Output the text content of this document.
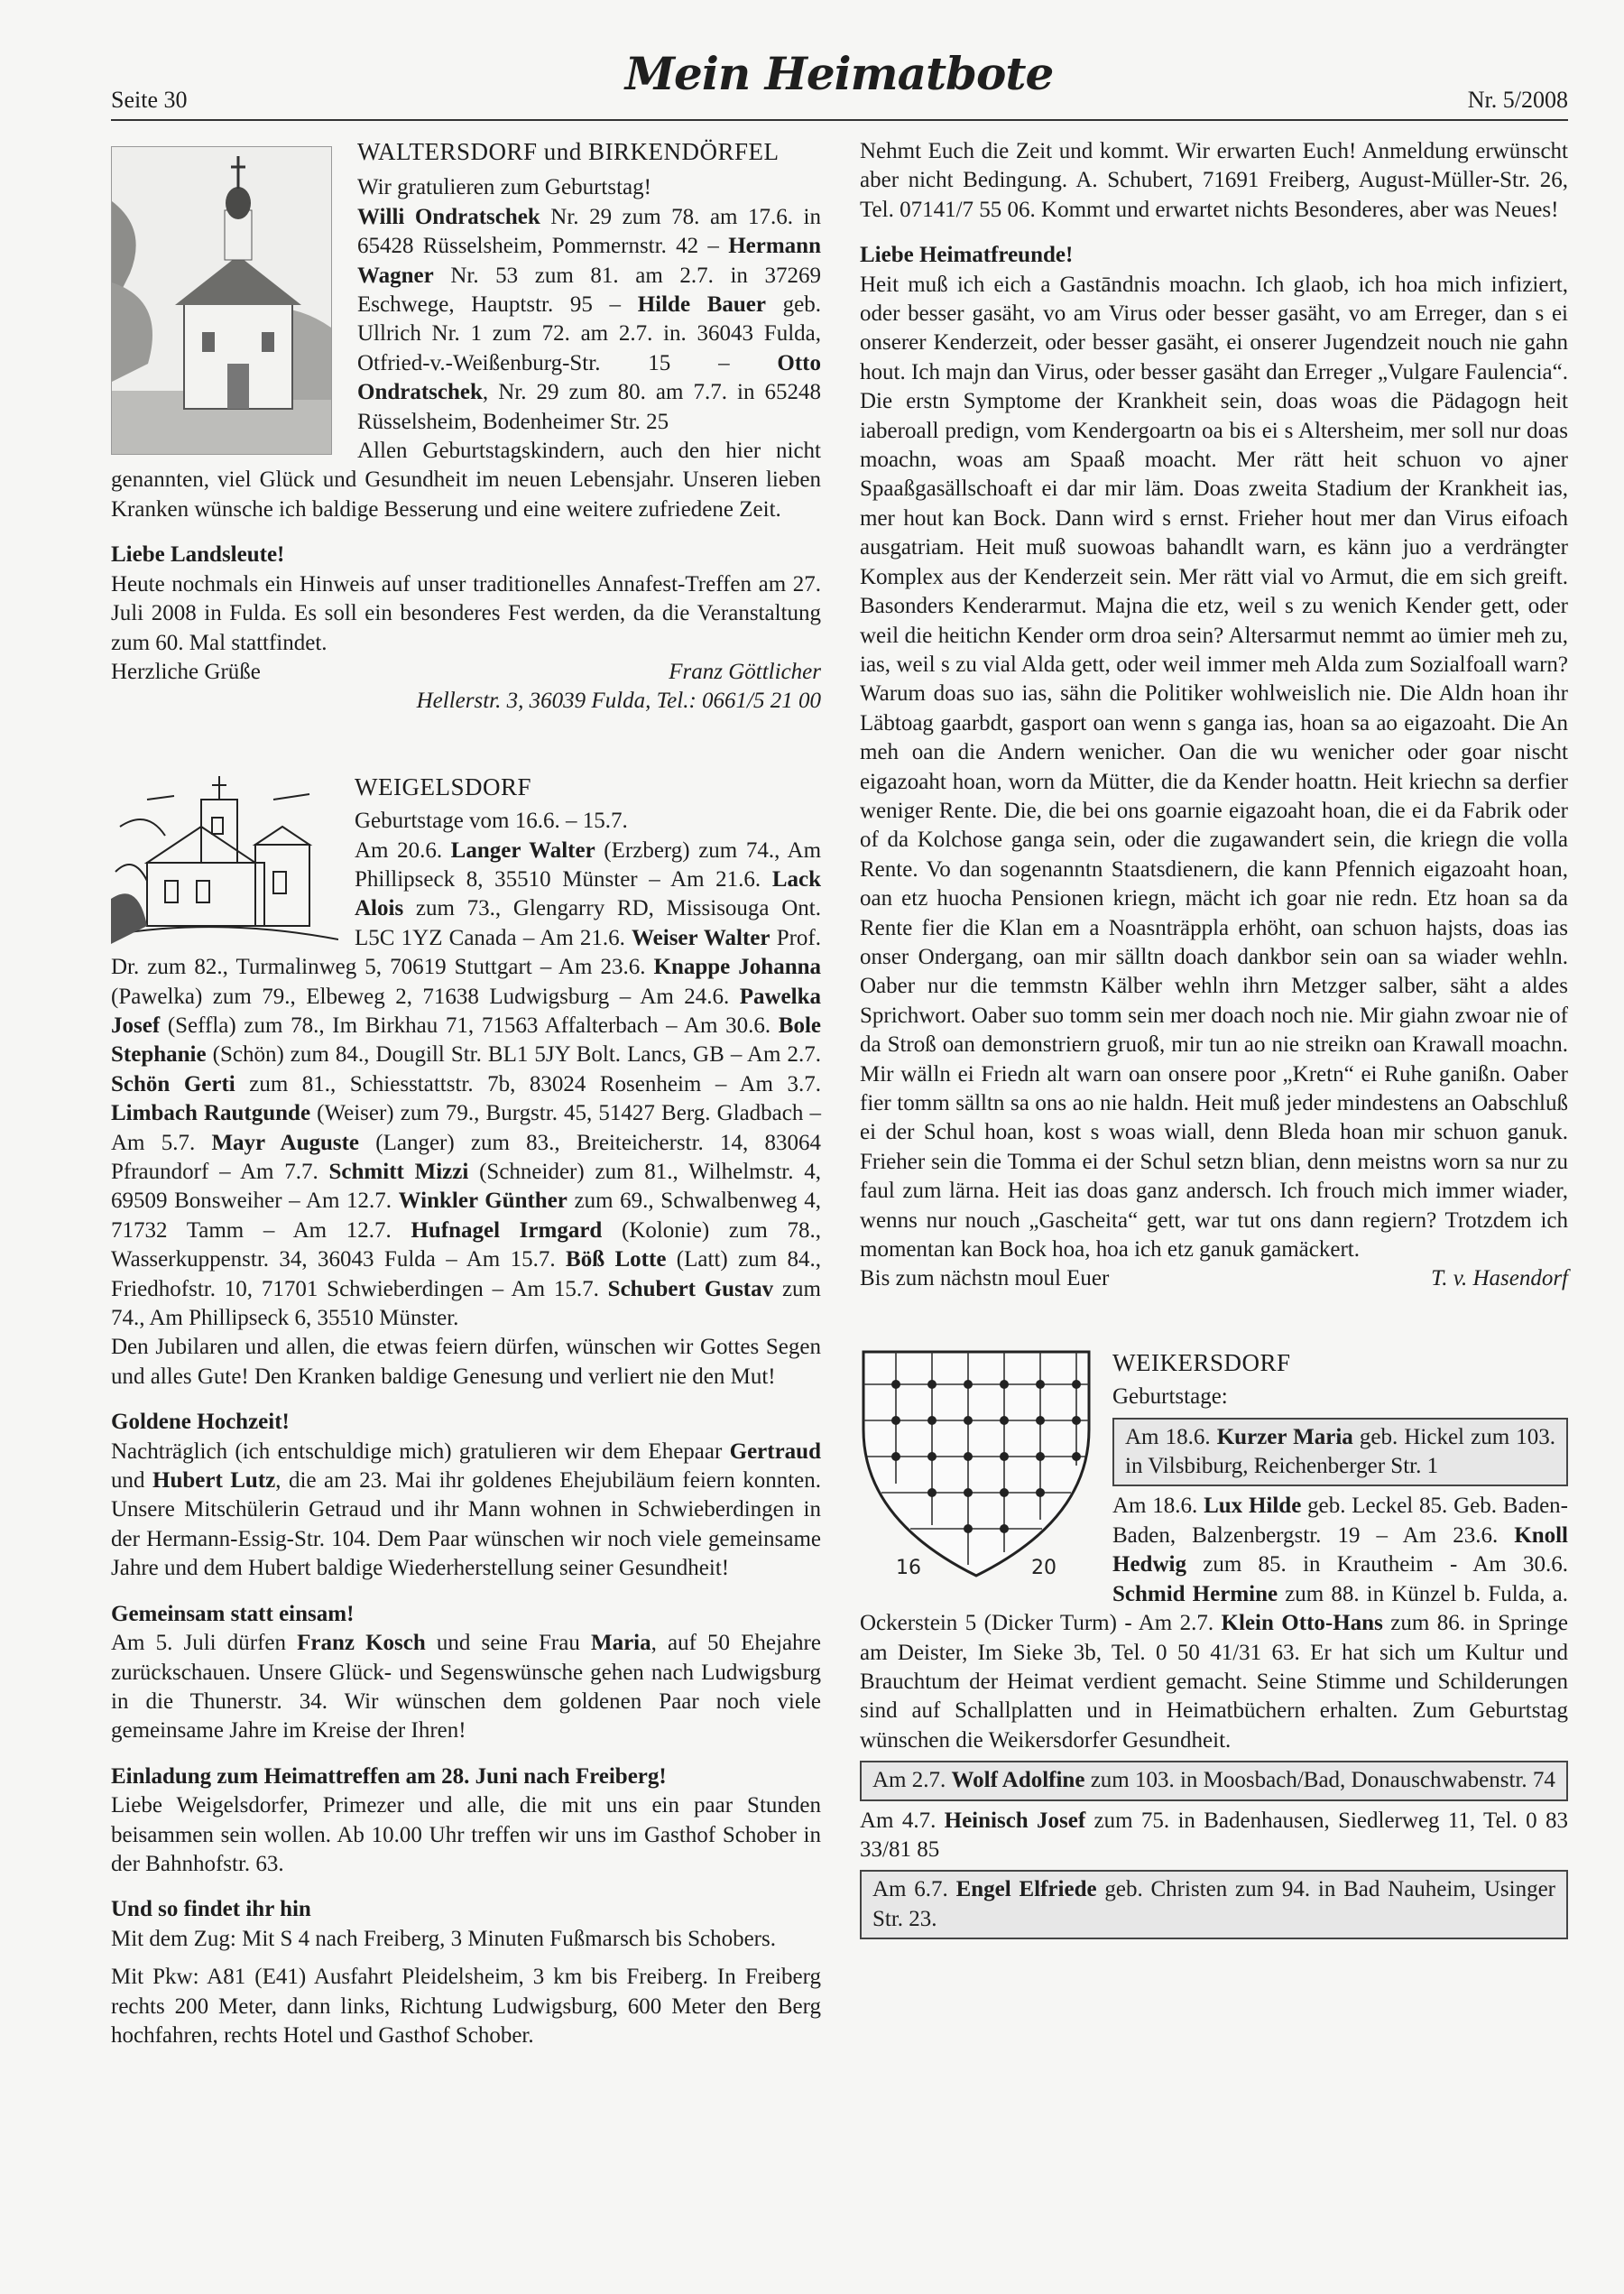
Seite 30	Mein Heimatbote	Nr. 5/2008
WALTERSDORF und BIRKENDÖRFEL

Wir gratulieren zum Geburtstag!

Willi Ondratschek Nr. 29 zum 78. am 17.6. in 65428 Rüsselsheim, Pommernstr. 42 – Hermann Wagner Nr. 53 zum 81. am 2.7. in 37269 Eschwege, Hauptstr. 95 – Hilde Bauer geb. Ullrich Nr. 1 zum 72. am 2.7. in. 36043 Fulda, Otfried-v.-Weißenburg-Str. 15 – Otto Ondratschek, Nr. 29 zum 80. am 7.7. in 65248 Rüsselsheim, Bodenheimer Str. 25

Allen Geburtstagskindern, auch den hier nicht genannten, viel Glück und Gesundheit im neuen Lebensjahr. Unseren lieben Kranken wünsche ich baldige Besserung und eine weitere zufriedene Zeit.

Liebe Landsleute!

Heute nochmals ein Hinweis auf unser traditionelles Annafest-Treffen am 27. Juli 2008 in Fulda. Es soll ein besonderes Fest werden, da die Veranstaltung zum 60. Mal stattfindet.

Herzliche Grüße	Franz Göttlicher

Hellerstr. 3, 36039 Fulda, Tel.: 0661/5 21 00

WEIGELSDORF

Geburtstage vom 16.6. – 15.7.

Am 20.6. Langer Walter (Erzberg) zum 74., Am Phillipseck 8, 35510 Münster – Am 21.6. Lack Alois zum 73., Glengarry RD, Missisouga Ont. L5C 1YZ Canada – Am 21.6. Weiser Walter Prof. Dr. zum 82., Turmalinweg 5, 70619 Stuttgart – Am 23.6. Knappe Johanna (Pawelka) zum 79., Elbeweg 2, 71638 Ludwigsburg – Am 24.6. Pawelka Josef (Seffla) zum 78., Im Birkhau 71, 71563 Affalterbach – Am 30.6. Bole Stephanie (Schön) zum 84., Dougill Str. BL1 5JY Bolt. Lancs, GB – Am 2.7. Schön Gerti zum 81., Schiesstattstr. 7b, 83024 Rosenheim – Am 3.7. Limbach Rautgunde (Weiser) zum 79., Burgstr. 45, 51427 Berg. Gladbach – Am 5.7. Mayr Auguste (Langer) zum 83., Breiteicherstr. 14, 83064 Pfraundorf – Am 7.7. Schmitt Mizzi (Schneider) zum 81., Wilhelmstr. 4, 69509 Bonsweiher – Am 12.7. Winkler Günther zum 69., Schwalbenweg 4, 71732 Tamm – Am 12.7. Hufnagel Irmgard (Kolonie) zum 78., Wasserkuppenstr. 34, 36043 Fulda – Am 15.7. Böß Lotte (Latt) zum 84., Friedhofstr. 10, 71701 Schwieberdingen – Am 15.7. Schubert Gustav zum 74., Am Phillipseck 6, 35510 Münster.

Den Jubilaren und allen, die etwas feiern dürfen, wünschen wir Gottes Segen und alles Gute! Den Kranken baldige Genesung und verliert nie den Mut!

Goldene Hochzeit!

Nachträglich (ich entschuldige mich) gratulieren wir dem Ehepaar Gertraud und Hubert Lutz, die am 23. Mai ihr goldenes Ehejubiläum feiern konnten. Unsere Mitschülerin Getraud und ihr Mann wohnen in Schwieberdingen in der Hermann-Essig-Str. 104. Dem Paar wünschen wir noch viele gemeinsame Jahre und dem Hubert baldige Wiederherstellung seiner Gesundheit!

Gemeinsam statt einsam!

Am 5. Juli dürfen Franz Kosch und seine Frau Maria, auf 50 Ehejahre zurückschauen. Unsere Glück- und Segenswünsche gehen nach Ludwigsburg in die Thunerstr. 34. Wir wünschen dem goldenen Paar noch viele gemeinsame Jahre im Kreise der Ihren!

Einladung zum Heimattreffen am 28. Juni nach Freiberg!

Liebe Weigelsdorfer, Primezer und alle, die mit uns ein paar Stunden beisammen sein wollen. Ab 10.00 Uhr treffen wir uns im Gasthof Schober in der Bahnhofstr. 63.

Und so findet ihr hin

Mit dem Zug: Mit S 4 nach Freiberg, 3 Minuten Fußmarsch bis Schobers.

Mit Pkw: A81 (E41) Ausfahrt Pleidelsheim, 3 km bis Freiberg. In Freiberg rechts 200 Meter, dann links, Richtung Ludwigsburg, 600 Meter den Berg hochfahren, rechts Hotel und Gasthof Schober.

Nehmt Euch die Zeit und kommt. Wir erwarten Euch! Anmeldung erwünscht aber nicht Bedingung. A. Schubert, 71691 Freiberg, August-Müller-Str. 26, Tel. 07141/7 55 06. Kommt und erwartet nichts Besonderes, aber was Neues!

Liebe Heimatfreunde!

Heit muß ich eich a Gastāndnis moachn. Ich glaob, ich hoa mich infiziert, oder besser gasäht, vo am Virus oder besser gasäht, vo am Erreger, dan s ei onserer Kenderzeit, oder besser gasäht, ei onserer Jugendzeit nouch nie gahn hout. Ich majn dan Virus, oder besser gasäht dan Erreger „Vulgare Faulencia“. Die erstn Symptome der Krankheit sein, doas woas die Pädagogn heit iaberoall predign, vom Kendergoartn oa bis ei s Altersheim, mer soll nur doas moachn, woas am Spaaß moacht. Mer rätt heit schuon vo ajner Spaaßgasällschoaft ei dar mir läm. Doas zweita Stadium der Krankheit ias, mer hout kan Bock. Dann wird s ernst. Frieher hout mer dan Virus eifoach ausgatriam. Heit muß suowoas bahandlt warn, es känn juo a verdrängter Komplex aus der Kenderzeit sein. Mer rätt vial vo Armut, die em sich greift. Basonders Kenderarmut. Majna die etz, weil s zu wenich Kender gett, oder weil die heitichn Kender orm droa sein? Altersarmut nemmt ao ümier meh zu, ias, weil s zu vial Alda gett, oder weil immer meh Alda zum Sozialfoall warn? Warum doas suo ias, sähn die Politiker wohlweislich nie. Die Aldn hoan ihr Läbtoag gaarbdt, gasport oan wenn s ganga ias, hoan sa ao eigazoaht. Die An meh oan die Andern wenicher. Oan die wu wenicher oder goar nischt eigazoaht hoan, worn da Mütter, die da Kender hoattn. Heit kriechn sa derfier weniger Rente. Die, die bei ons goarnie eigazoaht hoan, die ei da Fabrik oder of da Kolchose ganga sein, oder die zugawandert sein, die kriegn die volla Rente. Vo dan sogenanntn Staatsdienern, die kann Pfennich eigazoaht hoan, oan etz huocha Pensionen kriegn, mächt ich goar nie redn. Etz hoan sa da Rente fier die Klan em a Noasnträppla erhöht, oan schuon hajsts, doas ias onser Ondergang, oan mir sälltn doach dankbor sein oan sa wiader wehln. Oaber nur die temmstn Kälber wehln ihrn Metzger salber, säht a aldes Sprichwort. Oaber suo tomm sein mer doach noch nie. Mir giahn zwoar nie of da Stroß oan demonstriern gruoß, mir tun ao nie streikn oan Krawall moachn. Mir wälln ei Friedn alt warn oan onsere poor „Kretn“ ei Ruhe ganißn. Oaber fier tomm sälltn sa ons ao nie haldn. Heit muß jeder mindestens an Oabschluß ei der Schul hoan, kost s woas wiall, denn Bleda hoan mir schuon ganuk. Frieher sein die Tomma ei der Schul setzn blian, denn meistns worn sa nur zu faul zum lärna. Heit ias doas ganz andersch. Ich frouch mich immer wiader, wenns nur nouch „Gascheita“ gett, war tut ons dann regiern? Trotzdem ich momentan kan Bock hoa, hoa ich etz ganuk gamäckert.

Bis zum nächstn moul Euer	T. v. Hasendorf
16	20
WEIKERSDORF

Geburtstage:

Am 18.6. Kurzer Maria geb. Hickel zum 103. in Vilsbiburg, Reichenberger Str. 1

Am 18.6. Lux Hilde geb. Leckel 85. Geb. Baden-Baden, Balzenbergstr. 19 – Am 23.6. Knoll Hedwig zum 85. in Krautheim - Am 30.6. Schmid Hermine zum 88. in Künzel b. Fulda, a. Ockerstein 5 (Dicker Turm) - Am 2.7. Klein Otto-Hans zum 86. in Springe am Deister, Im Sieke 3b, Tel. 0 50 41/31 63. Er hat sich um Kultur und Brauchtum der Heimat verdient gemacht. Seine Stimme und Schilderungen sind auf Schallplatten und in Heimatbüchern erhalten. Zum Geburtstag wünschen die Weikersdorfer Gesundheit.

Am 2.7. Wolf Adolfine zum 103. in Moosbach/Bad, Donauschwabenstr. 74

Am 4.7. Heinisch Josef zum 75. in Badenhausen, Siedlerweg 11, Tel. 0 83 33/81 85

Am 6.7. Engel Elfriede geb. Christen zum 94. in Bad Nauheim, Usinger Str. 23.
